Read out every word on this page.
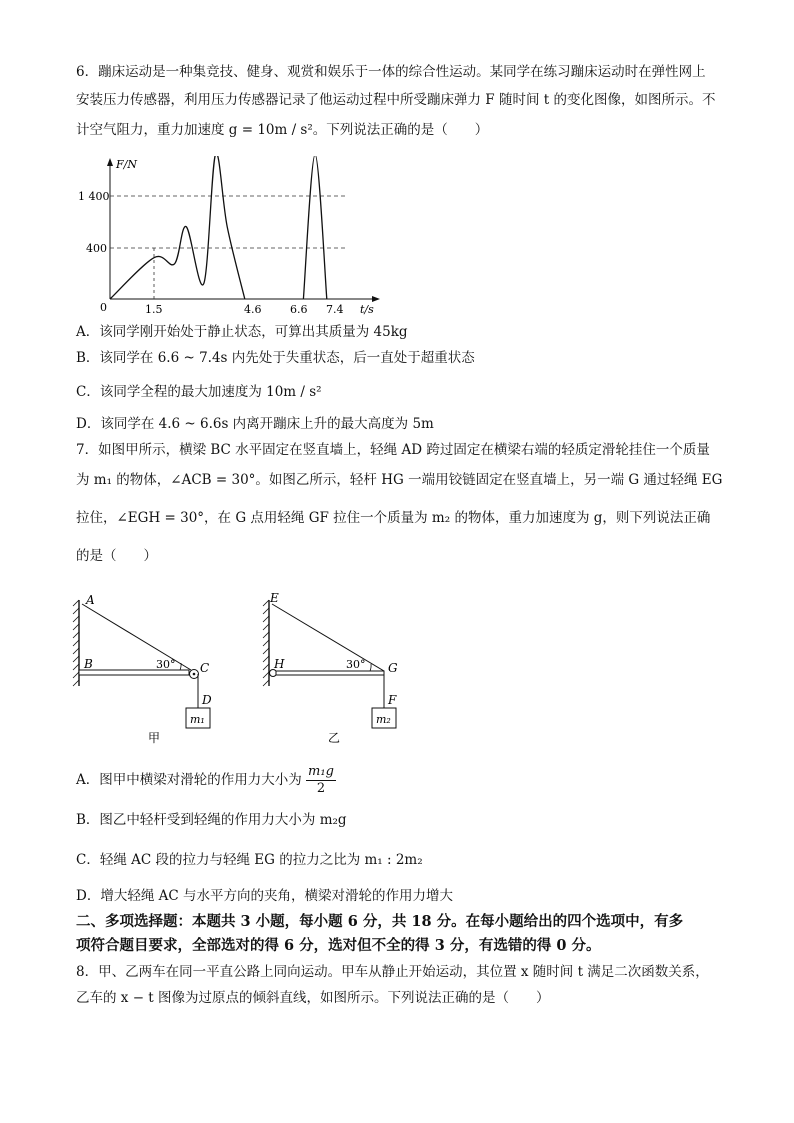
6．蹦床运动是一种集竞技、健身、观赏和娱乐于一体的综合性运动。某同学在练习蹦床运动时在弹性网上
安装压力传感器，利用压力传感器记录了他运动过程中所受蹦床弹力 F 随时间 t 的变化图像，如图所示。不
计空气阻力，重力加速度 g = 10m / s²。下列说法正确的是（　　）
F/N
t/s
0
1 400
400
1.5	4.6	6.6 7.4
A．该同学刚开始处于静止状态，可算出其质量为 45kg
B．该同学在 6.6 ~ 7.4s 内先处于失重状态，后一直处于超重状态
C．该同学全程的最大加速度为 10m / s²
D．该同学在 4.6 ~ 6.6s 内离开蹦床上升的最大高度为 5m
7．如图甲所示，横梁 BC 水平固定在竖直墙上，轻绳 AD 跨过固定在横梁右端的轻质定滑轮挂住一个质量
为 m₁ 的物体，∠ACB = 30°。如图乙所示，轻杆 HG 一端用铰链固定在竖直墙上，另一端 G 通过轻绳 EG
拉住，∠EGH = 30°，在 G 点用轻绳 GF 拉住一个质量为 m₂ 的物体，重力加速度为 g，则下列说法正确
的是（　　）
A
B	C
D
30°
m₁
甲
E
H	G
F
30°
m₂
乙
A．图甲中横梁对滑轮的作用力大小为 $\frac{\text{m₁g}}{2}$
B．图乙中轻杆受到轻绳的作用力大小为 m₂g
C．轻绳 AC 段的拉力与轻绳 EG 的拉力之比为 m₁ : 2m₂
D．增大轻绳 AC 与水平方向的夹角，横梁对滑轮的作用力增大
二、多项选择题：本题共 3 小题，每小题 6 分，共 18 分。在每小题给出的四个选项中，有多
项符合题目要求，全部选对的得 6 分，选对但不全的得 3 分，有选错的得 0 分。
8．甲、乙两车在同一平直公路上同向运动。甲车从静止开始运动，其位置 x 随时间 t 满足二次函数关系，
乙车的 x − t 图像为过原点的倾斜直线，如图所示。下列说法正确的是（　　）
